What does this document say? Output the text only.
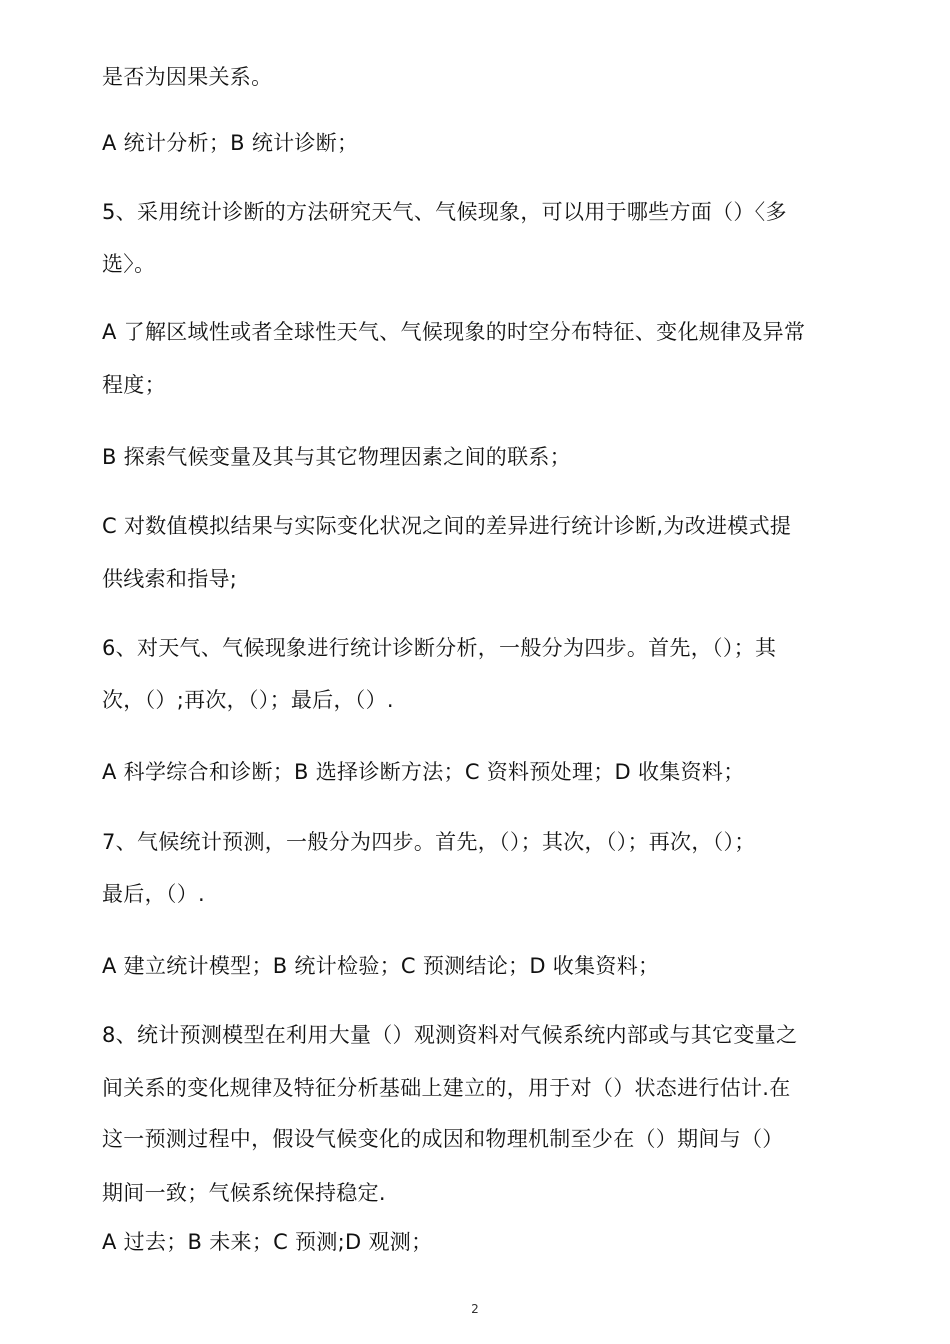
是否为因果关系。
A 统计分析；B 统计诊断；
5、采用统计诊断的方法研究天气、气候现象，可以用于哪些方面（）〈多
选〉。
A 了解区域性或者全球性天气、气候现象的时空分布特征、变化规律及异常
程度；
B 探索气候变量及其与其它物理因素之间的联系；
C 对数值模拟结果与实际变化状况之间的差异进行统计诊断,为改进模式提
供线索和指导;
6、对天气、气候现象进行统计诊断分析，一般分为四步。首先，（）；其
次，（）;再次，（）；最后，（）.
A 科学综合和诊断；B 选择诊断方法；C 资料预处理；D 收集资料；
7、气候统计预测，一般分为四步。首先，（）；其次，（）；再次，（）；
最后，（）.
A 建立统计模型；B 统计检验；C 预测结论；D 收集资料；
8、统计预测模型在利用大量（）观测资料对气候系统内部或与其它变量之
间关系的变化规律及特征分析基础上建立的，用于对（）状态进行估计.在
这一预测过程中，假设气候变化的成因和物理机制至少在（）期间与（）
期间一致；气候系统保持稳定.
A 过去；B 未来；C 预测;D 观测；
2
